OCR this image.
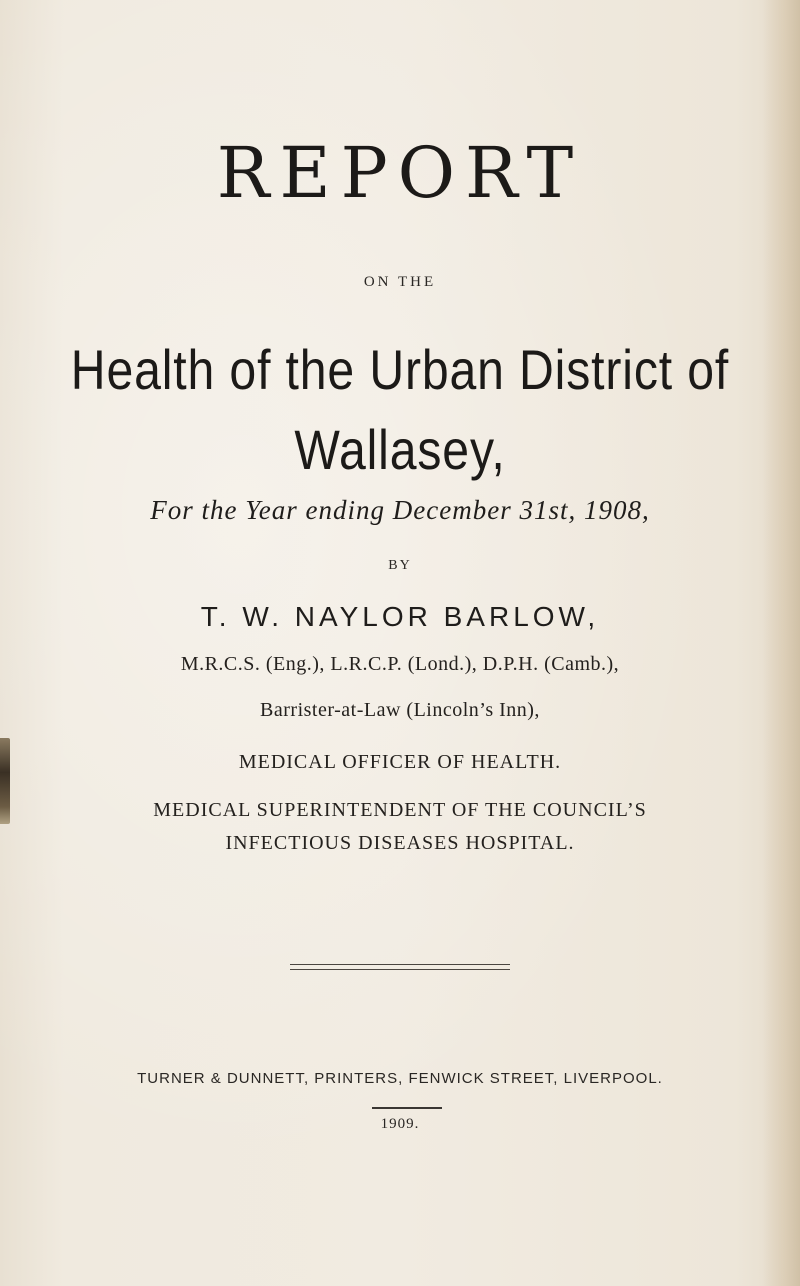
REPORT
ON THE
Health of the Urban District of
Wallasey,
For the Year ending December 31st, 1908,
BY
T. W. NAYLOR BARLOW,
M.R.C.S. (Eng.), L.R.C.P. (Lond.), D.P.H. (Camb.),
Barrister-at-Law (Lincoln’s Inn),
MEDICAL OFFICER OF HEALTH.
MEDICAL SUPERINTENDENT OF THE COUNCIL’S
INFECTIOUS DISEASES HOSPITAL.
TURNER & DUNNETT, PRINTERS, FENWICK STREET, LIVERPOOL.
1909.
